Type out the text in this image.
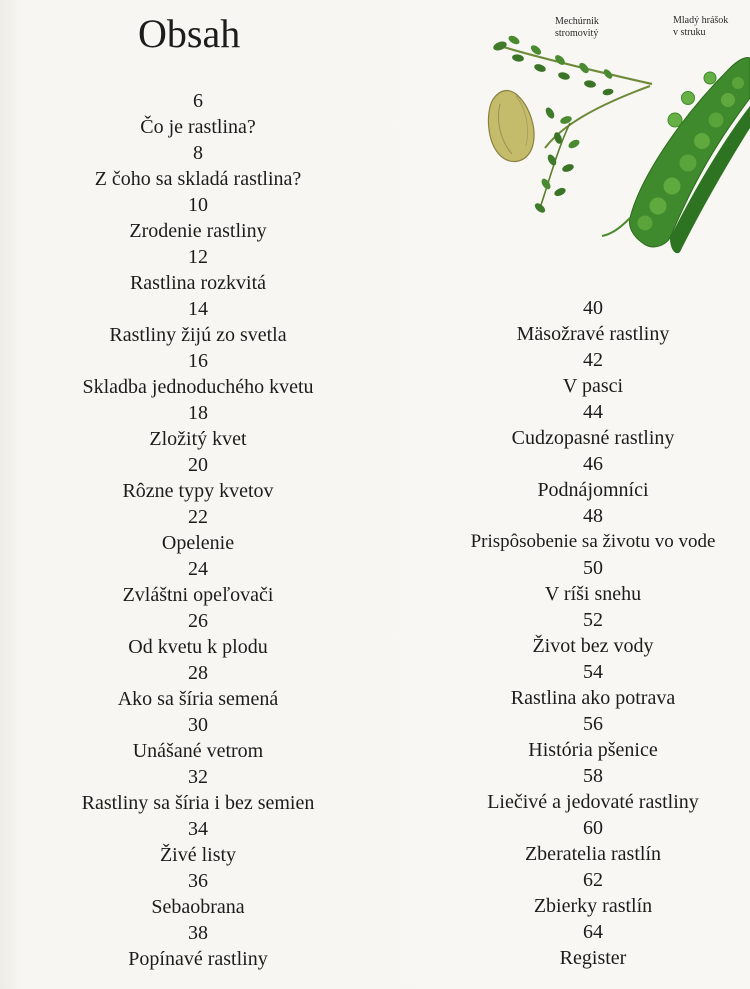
Obsah	Mechúrnik stromovitý
Mladý hrášok v struku
6
Čo je rastlina?
8
Z čoho sa skladá rastlina?
10
Zrodenie rastliny
12
Rastlina rozkvitá
14
Rastliny žijú zo svetla
16
Skladba jednoduchého kvetu
18
Zložitý kvet
20
Rôzne typy kvetov
22
Opelenie
24
Zvláštni opeľovači
26
Od kvetu k plodu
28
Ako sa šíria semená
30
Unášané vetrom
32
Rastliny sa šíria i bez semien
34
Živé listy
36
Sebaobrana
38
Popínavé rastliny
40
Mäsožravé rastliny
42
V pasci
44
Cudzopasné rastliny
46
Podnájomníci
48
Prispôsobenie sa životu vo vode
50
V ríši snehu
52
Život bez vody
54
Rastlina ako potrava
56
História pšenice
58
Liečivé a jedovaté rastliny
60
Zberatelia rastlín
62
Zbierky rastlín
64
Register
